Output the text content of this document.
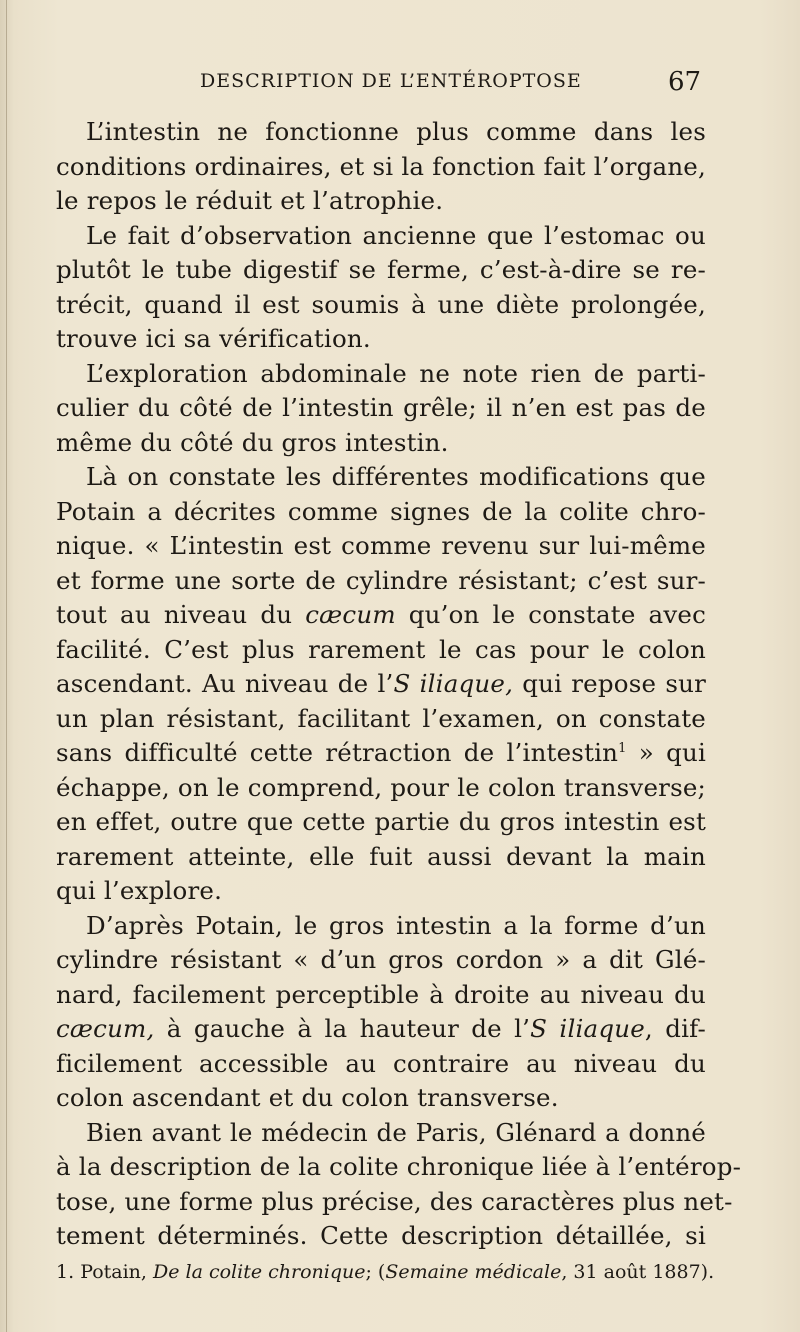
DESCRIPTION DE L’ENTÉROPTOSE	67
L’intestin ne fonctionne plus comme dans les
conditions ordinaires, et si la fonction fait l’organe,
le repos le réduit et l’atrophie.
Le fait d’observation ancienne que l’estomac ou
plutôt le tube digestif se ferme, c’est-à-dire se re-
trécit, quand il est soumis à une diète prolongée,
trouve ici sa vérification.
L’exploration abdominale ne note rien de parti-
culier du côté de l’intestin grêle; il n’en est pas de
même du côté du gros intestin.
Là on constate les différentes modifications que
Potain a décrites comme signes de la colite chro-
nique. « L’intestin est comme revenu sur lui-même
et forme une sorte de cylindre résistant; c’est sur-
tout au niveau du cæcum qu’on le constate avec
facilité. C’est plus rarement le cas pour le colon
ascendant. Au niveau de l’S iliaque, qui repose sur
un plan résistant, facilitant l’examen, on constate
sans difficulté cette rétraction de l’intestin$^1$ » qui
échappe, on le comprend, pour le colon transverse;
en effet, outre que cette partie du gros intestin est
rarement atteinte, elle fuit aussi devant la main
qui l’explore.
D’après Potain, le gros intestin a la forme d’un
cylindre résistant « d’un gros cordon » a dit Glé-
nard, facilement perceptible à droite au niveau du
cæcum, à gauche à la hauteur de l’S iliaque, dif-
ficilement accessible au contraire au niveau du
colon ascendant et du colon transverse.
Bien avant le médecin de Paris, Glénard a donné
à la description de la colite chronique liée à l’entérop-
tose, une forme plus précise, des caractères plus net-
tement déterminés. Cette description détaillée, si
1. Potain, De la colite chronique; (Semaine médicale, 31 août 1887).
